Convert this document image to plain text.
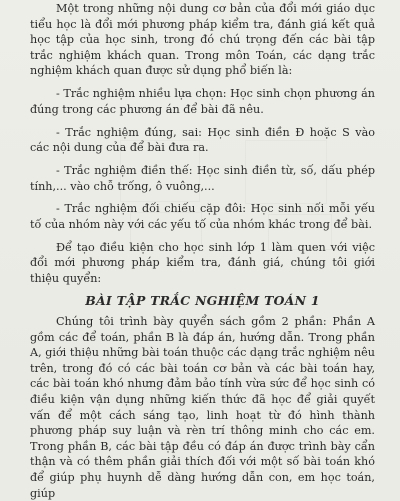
Một trong những nội dung cơ bản của đổi mới giáo dục tiểu học là đổi mới phương pháp kiểm tra, đánh giá kết quả học tập của học sinh, trong đó chú trọng đến các bài tập trắc nghiệm khách quan. Trong môn Toán, các dạng trắc nghiệm khách quan được sử dụng phổ biến là:

- Trắc nghiệm nhiều lựa chọn: Học sinh chọn phương án đúng trong các phương án để bài đã nêu.

- Trắc nghiệm đúng, sai: Học sinh điền Đ hoặc S vào các nội dung của để bài đưa ra.

- Trắc nghiệm điền thế: Học sinh điền từ, số, dấu phép tính,... vào chỗ trống, ô vuông,...

- Trắc nghiệm đối chiếu cặp đôi: Học sinh nối mỗi yếu tố của nhóm này với các yếu tố của nhóm khác trong để bài.

Để tạo điều kiện cho học sinh lớp 1 làm quen với việc đổi mới phương pháp kiểm tra, đánh giá, chúng tôi giới thiệu quyển:

BÀI TẬP TRẮC NGHIỆM TOÁN 1

Chúng tôi trình bày quyển sách gồm 2 phần: Phần A gồm các để toán, phần B là đáp án, hướng dẫn. Trong phần A, giới thiệu những bài toán thuộc các dạng trắc nghiệm nêu trên, trong đó có các bài toán cơ bản và các bài toán hay, các bài toán khó nhưng đảm bảo tính vừa sức để học sinh có điều kiện vận dụng những kiến thức đã học để giải quyết vấn để một cách sáng tạo, linh hoạt từ đó hình thành phương pháp suy luận và rèn trí thông minh cho các em. Trong phần B, các bài tập đều có đáp án được trình bày cẩn thận và có thêm phần giải thích đối với một số bài toán khó để giúp phụ huynh dễ dàng hướng dẫn con, em học toán, giúp
